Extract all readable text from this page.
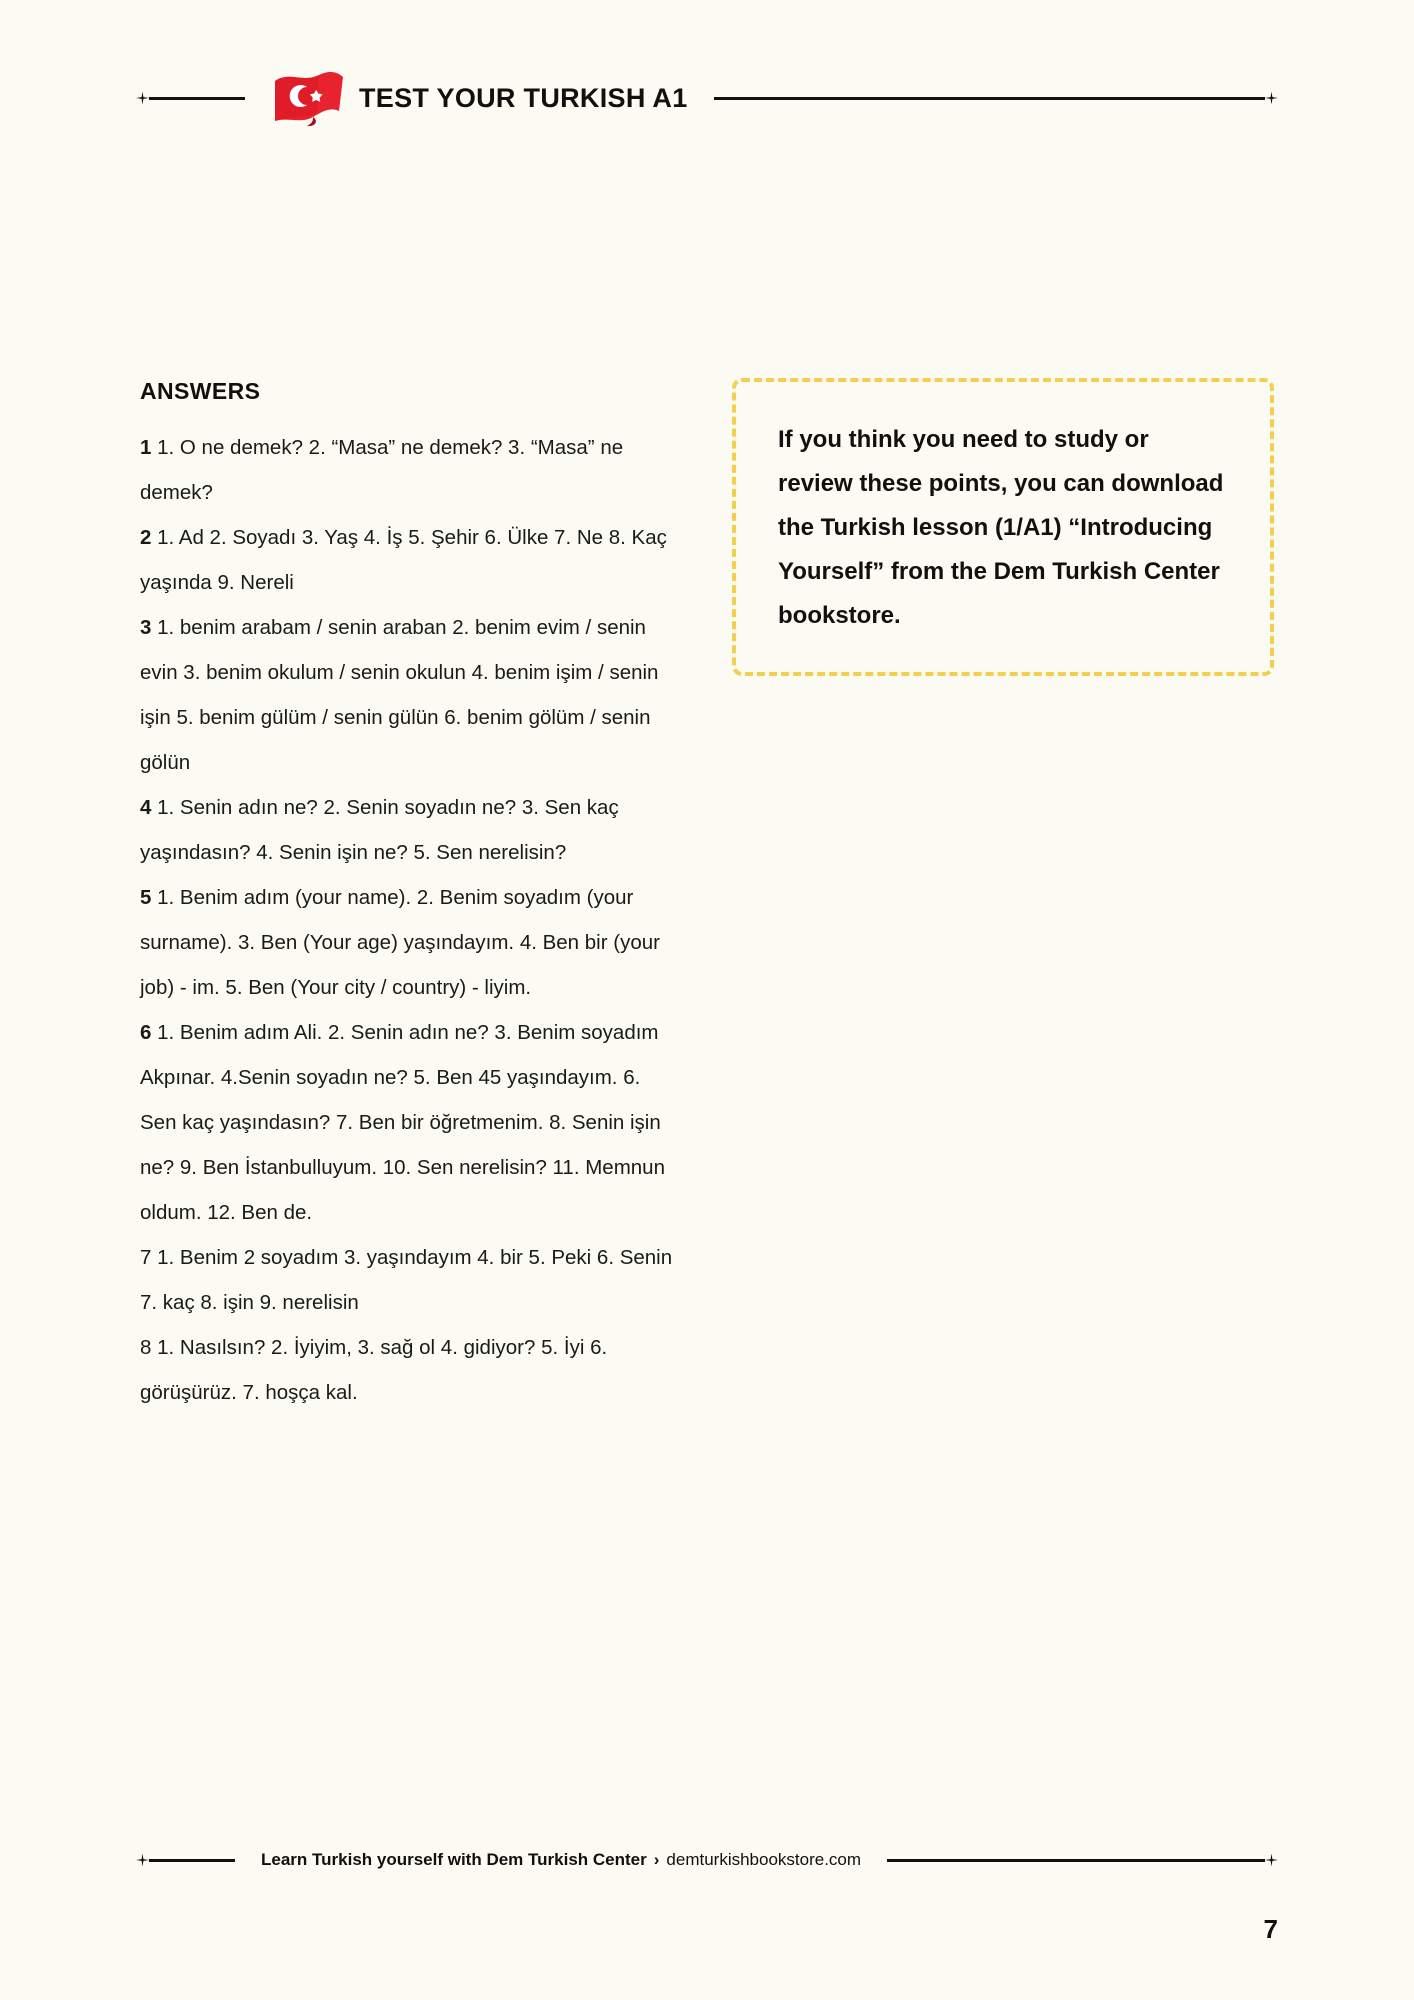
TEST YOUR TURKISH A1
ANSWERS

1 1. O ne demek? 2. “Masa” ne demek? 3. “Masa” ne demek?

2 1. Ad 2. Soyadı 3. Yaş 4. İş 5. Şehir 6. Ülke 7. Ne 8. Kaç yaşında 9. Nereli

3 1. benim arabam / senin araban 2. benim evim / senin evin 3. benim okulum / senin okulun 4. benim işim / senin işin 5. benim gülüm / senin gülün 6. benim gölüm / senin gölün

4 1. Senin adın ne? 2. Senin soyadın ne? 3. Sen kaç yaşındasın? 4. Senin işin ne? 5. Sen nerelisin?

5 1. Benim adım (your name). 2. Benim soyadım (your surname). 3. Ben (Your age) yaşındayım. 4. Ben bir (your job) - im. 5. Ben (Your city / country) - liyim.

6 1. Benim adım Ali. 2. Senin adın ne? 3. Benim soyadım Akpınar. 4.Senin soyadın ne? 5. Ben 45 yaşındayım. 6. Sen kaç yaşındasın? 7. Ben bir öğretmenim. 8. Senin işin ne? 9. Ben İstanbulluyum. 10. Sen nerelisin? 11. Memnun oldum. 12. Ben de.

7 1. Benim 2 soyadım 3. yaşındayım 4. bir 5. Peki 6. Senin 7. kaç 8. işin 9. nerelisin

8 1. Nasılsın? 2. İyiyim, 3. sağ ol 4. gidiyor? 5. İyi 6. görüşürüz. 7. hoşça kal.

If you think you need to study or review these points, you can download the Turkish lesson (1/A1) “Introducing Yourself” from the Dem Turkish Center bookstore.

Learn Turkish yourself with Dem Turkish Center › demturkishbookstore.com
7
